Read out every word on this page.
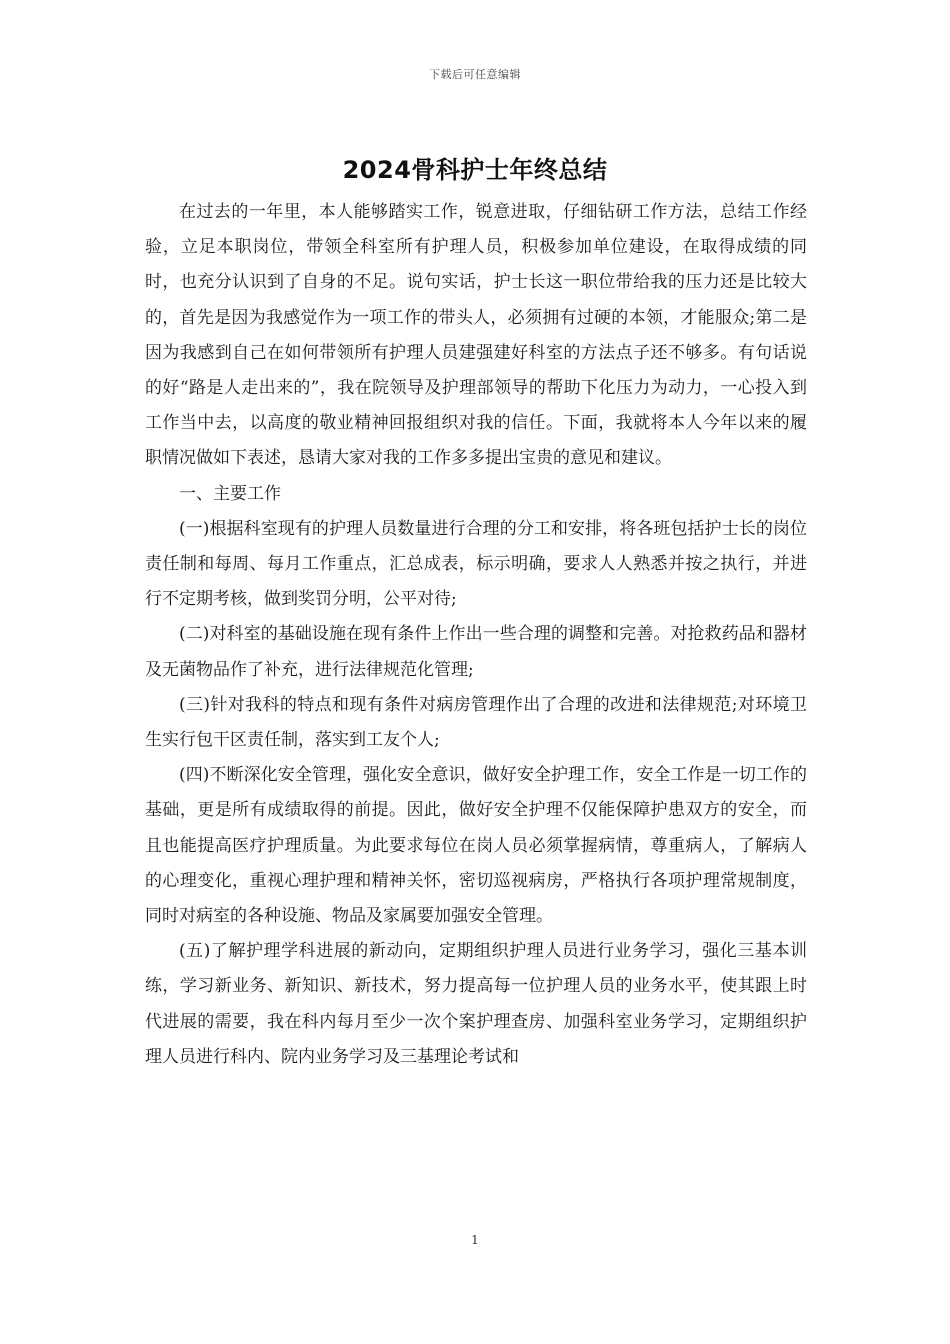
下载后可任意编辑
2024骨科护士年终总结

在过去的一年里，本人能够踏实工作，锐意进取，仔细钻研工作方法，总结工作经验，立足本职岗位，带领全科室所有护理人员，积极参加单位建设，在取得成绩的同时，也充分认识到了自身的不足。说句实话，护士长这一职位带给我的压力还是比较大的，首先是因为我感觉作为一项工作的带头人，必须拥有过硬的本领，才能服众;第二是因为我感到自己在如何带领所有护理人员建强建好科室的方法点子还不够多。有句话说的好“路是人走出来的”，我在院领导及护理部领导的帮助下化压力为动力，一心投入到工作当中去，以高度的敬业精神回报组织对我的信任。下面，我就将本人今年以来的履职情况做如下表述，恳请大家对我的工作多多提出宝贵的意见和建议。

一、主要工作

(一)根据科室现有的护理人员数量进行合理的分工和安排，将各班包括护士长的岗位责任制和每周、每月工作重点，汇总成表，标示明确，要求人人熟悉并按之执行，并进行不定期考核，做到奖罚分明，公平对待;

(二)对科室的基础设施在现有条件上作出一些合理的调整和完善。对抢救药品和器材及无菌物品作了补充，进行法律规范化管理;

(三)针对我科的特点和现有条件对病房管理作出了合理的改进和法律规范;对环境卫生实行包干区责任制，落实到工友个人;

(四)不断深化安全管理，强化安全意识，做好安全护理工作，安全工作是一切工作的基础，更是所有成绩取得的前提。因此，做好安全护理不仅能保障护患双方的安全，而且也能提高医疗护理质量。为此要求每位在岗人员必须掌握病情，尊重病人，了解病人的心理变化，重视心理护理和精神关怀，密切巡视病房，严格执行各项护理常规制度，同时对病室的各种设施、物品及家属要加强安全管理。

(五)了解护理学科进展的新动向，定期组织护理人员进行业务学习，强化三基本训练，学习新业务、新知识、新技术，努力提高每一位护理人员的业务水平，使其跟上时代进展的需要，我在科内每月至少一次个案护理查房、加强科室业务学习，定期组织护理人员进行科内、院内业务学习及三基理论考试和

1
